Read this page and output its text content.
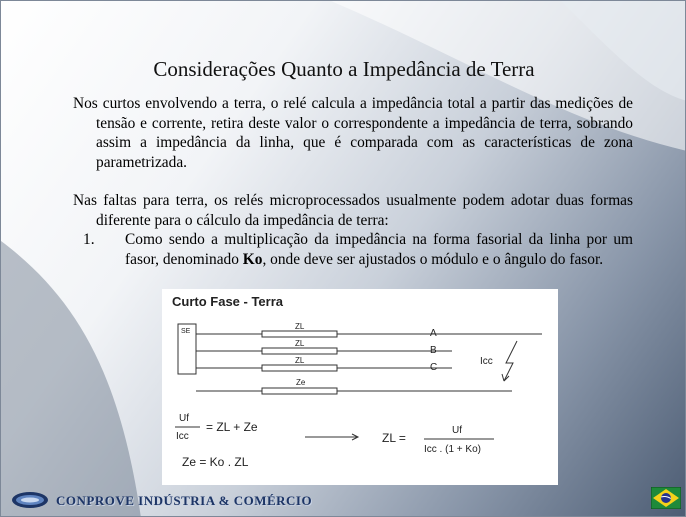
Considerações Quanto a Impedância de Terra
Nos curtos envolvendo a terra, o relé calcula a impedância total a partir das medições de tensão e corrente, retira deste valor o correspondente a impedância de terra, sobrando assim a impedância da linha, que é comparada com as características de zona parametrizada.
Nas faltas para terra, os relés microprocessados usualmente podem adotar duas formas diferente para o cálculo da impedância de terra:
1. Como sendo a multiplicação da impedância na forma fasorial da linha por um fasor, denominado Ko, onde deve ser ajustados o módulo e o ângulo do fasor.
Curto Fase - Terra
SE
ZL
ZL
ZL
Ze
A
B
C
Icc
Uf
Icc
= ZL + Ze
Ze = Ko . ZL
ZL =
Uf
Icc . (1 + Ko)
CONPROVE INDÚSTRIA & COMÉRCIO
